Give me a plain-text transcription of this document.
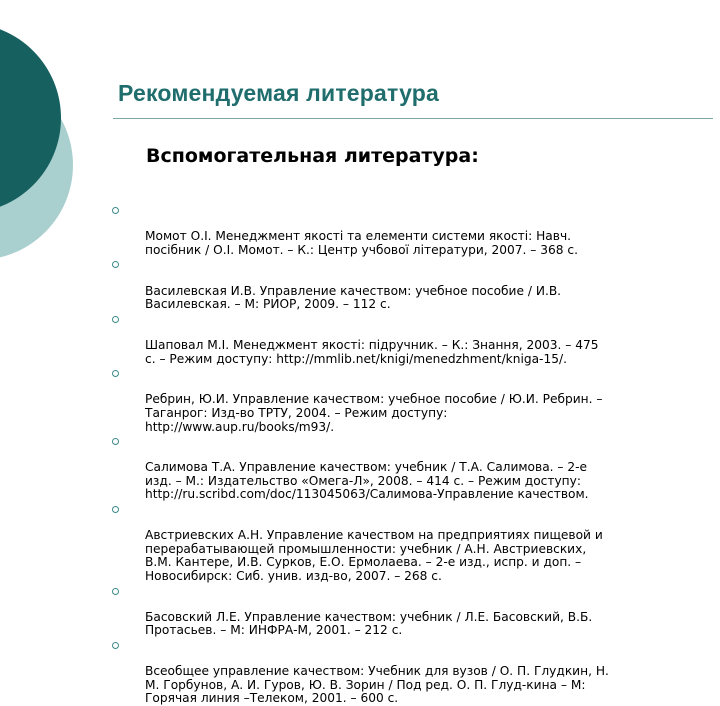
Рекомендуемая литература
Вспомогательная литература:

Момот О.І. Менеджмент якості та елементи системи якості: Навч.
посібник / О.І. Момот. – К.: Центр учбової літератури, 2007. – 368 с.

Василевская И.В. Управление качеством: учебное пособие / И.В.
Василевская. – М: РИОР, 2009. – 112 с.

Шаповал М.І. Менеджмент якості: підручник. – К.: Знання, 2003. – 475
с. – Режим доступу: http://mmlib.net/knigi/menedzhment/kniga-15/.

Ребрин, Ю.И. Управление качеством: учебное пособие / Ю.И. Ребрин. –
Таганрог: Изд-во ТРТУ, 2004. – Режим доступу:
http://www.aup.ru/books/m93/.

Салимова Т.А. Управление качеством: учебник / Т.А. Салимова. – 2-е
изд. – М.: Издательство «Омега-Л», 2008. – 414 с. – Режим доступу:
http://ru.scribd.com/doc/113045063/Салимова-Управление качеством.

Австриевских А.Н. Управление качеством на предприятиях пищевой и
перерабатывающей промышленности: учебник / А.Н. Австриевских,
В.М. Кантере, И.В. Сурков, Е.О. Ермолаева. – 2-е изд., испр. и доп. –
Новосибирск: Сиб. унив. изд-во, 2007. – 268 с.

Басовский Л.Е. Управление качеством: учебник / Л.Е. Басовский, В.Б.
Протасьев. – М: ИНФРА-М, 2001. – 212 с.

Всеобщее управление качеством: Учебник для вузов / О. П. Глудкин, Н.
М. Горбунов, А. И. Гуров, Ю. В. Зорин / Под ред. О. П. Глуд-кина – М:
Горячая линия –Телеком, 2001. – 600 с.
